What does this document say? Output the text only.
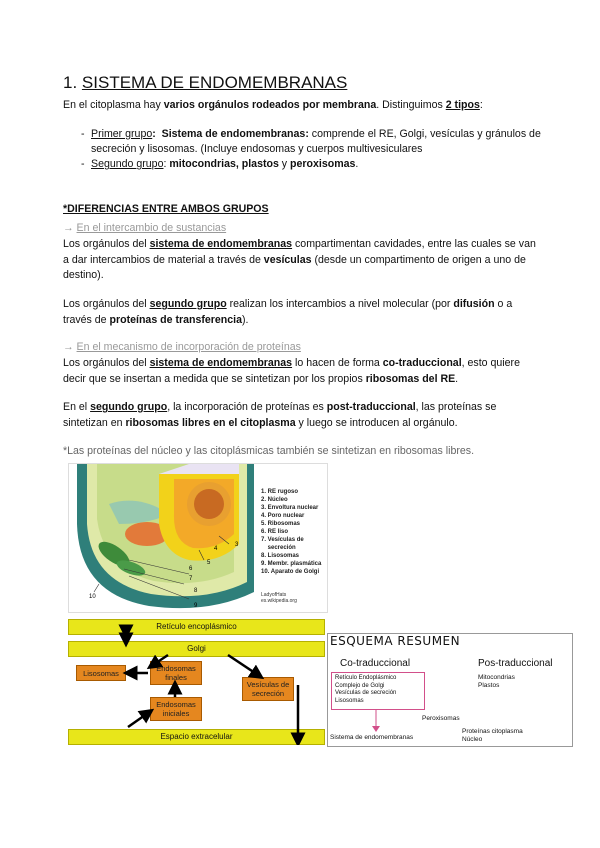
1. SISTEMA DE ENDOMEMBRANAS
En el citoplasma hay varios orgánulos rodeados por membrana. Distinguimos 2 tipos:
- Primer grupo: Sistema de endomembranas: comprende el RE, Golgi, vesículas y gránulos de secreción y lisosomas. (Incluye endosomas y cuerpos multivesiculares
- Segundo grupo: mitocondrias, plastos y peroxisomas.
*DIFERENCIAS ENTRE AMBOS GRUPOS
→ En el intercambio de sustancias
Los orgánulos del sistema de endomembranas compartimentan cavidades, entre las cuales se van a dar intercambios de material a través de vesículas (desde un compartimento de origen a uno de destino).
Los orgánulos del segundo grupo realizan los intercambios a nivel molecular (por difusión o a través de proteínas de transferencia).
→ En el mecanismo de incorporación de proteínas
Los orgánulos del sistema de endomembranas lo hacen de forma co-traduccional, esto quiere decir que se insertan a medida que se sintetizan por los propios ribosomas del RE.
En el segundo grupo, la incorporación de proteínas es post-traduccional, las proteínas se sintetizan en ribosomas libres en el citoplasma y luego se introducen al orgánulo.
*Las proteínas del núcleo y las citoplásmicas también se sintetizan en ribosomas libres.
3
4
5
6
7
8
9
10

1. RE rugoso
2. Núcleo
3. Envoltura nuclear
4. Poro nuclear
5. Ribosomas
6. RE liso
7. Vesículas de
secreción
8. Lisosomas
9. Membr. plasmática
10. Aparato de Golgi

LadyofHats
es.wikipedia.org
Retículo encoplásmico
Golgi
Espacio extracelular
Lisosomas	Endosomas finales
Endosomas iniciales
Vesículas de secreción
ESQUEMA RESUMEN
Co-traduccional	Pos-traduccional
Retículo Endoplásmico
Complejo de Golgi
Vesículas de secreción
Lisosomas
Mitocondrias
Plastos
Peroxisomas
Sistema de endomembranas
Proteínas citoplasma
Núcleo
